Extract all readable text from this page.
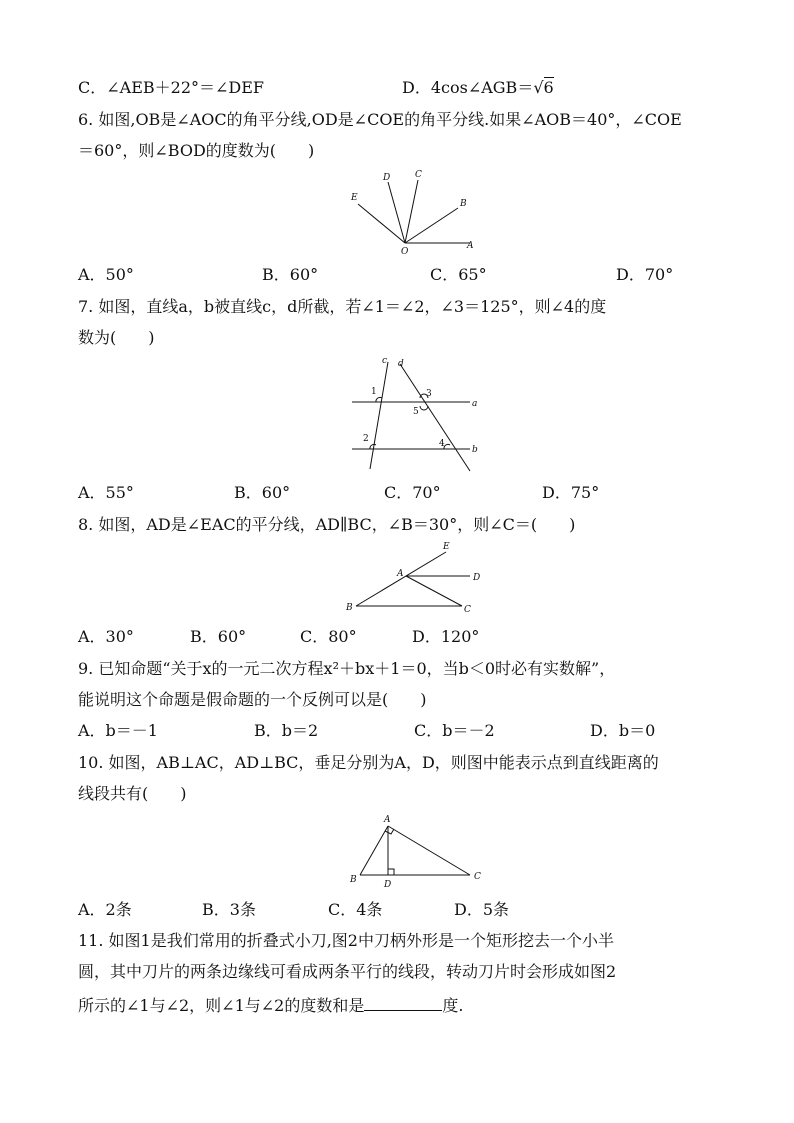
C．∠AEB＋22°＝∠DEF	D．4cos∠AGB＝√6
6. 如图,OB是∠AOC的角平分线,OD是∠COE的角平分线.如果∠AOB＝40°，∠COE
＝60°，则∠BOD的度数为(　　)
D	C
E
B
O
A
A．50°	B．60°	C．65°	D．70°
7. 如图，直线a，b被直线c，d所截，若∠1＝∠2，∠3＝125°，则∠4的度
数为(　　)
c d
1	3
5
a
2	4
b
A．55°	B．60°	C．70°	D．75°
8. 如图，AD是∠EAC的平分线，AD∥BC，∠B＝30°，则∠C＝(　　)
E
A	D
B	C
A．30°	B．60°	C．80°	D．120°
9. 已知命题“关于x的一元二次方程x²＋bx＋1＝0，当b＜0时必有实数解”，
能说明这个命题是假命题的一个反例可以是(　　)
A．b＝－1	B．b＝2	C．b＝－2	D．b＝0
10. 如图，AB⊥AC，AD⊥BC，垂足分别为A，D，则图中能表示点到直线距离的
线段共有(　　)
A
B	D
C
A．2条	B．3条	C．4条	D．5条
11. 如图1是我们常用的折叠式小刀,图2中刀柄外形是一个矩形挖去一个小半
圆，其中刀片的两条边缘线可看成两条平行的线段，转动刀片时会形成如图2
所示的∠1与∠2，则∠1与∠2的度数和是	度.
